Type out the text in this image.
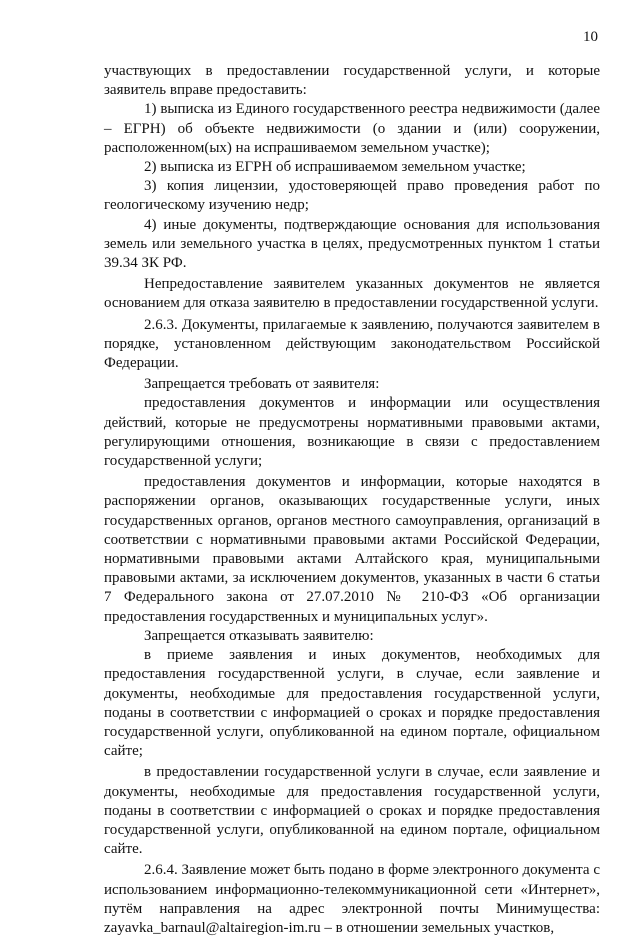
10

участвующих в предоставлении государственной услуги, и которые заявитель вправе предоставить:

1) выписка из Единого государственного реестра недвижимости (далее – ЕГРН) об объекте недвижимости (о здании и (или) сооружении, расположенном(ых) на испрашиваемом земельном участке);

2) выписка из ЕГРН об испрашиваемом земельном участке;

3) копия лицензии, удостоверяющей право проведения работ по геологическому изучению недр;

4) иные документы, подтверждающие основания для использования земель или земельного участка в целях, предусмотренных пунктом 1 статьи 39.34 ЗК РФ.

Непредоставление заявителем указанных документов не является основанием для отказа заявителю в предоставлении государственной услуги.

2.6.3. Документы, прилагаемые к заявлению, получаются заявителем в порядке, установленном действующим законодательством Российской Федерации.

Запрещается требовать от заявителя:

предоставления документов и информации или осуществления действий, которые не предусмотрены нормативными правовыми актами, регулирующими отношения, возникающие в связи с предоставлением государственной услуги;

предоставления документов и информации, которые находятся в распоряжении органов, оказывающих государственные услуги, иных государственных органов, органов местного самоуправления, организаций в соответствии с нормативными правовыми актами Российской Федерации, нормативными правовыми актами Алтайского края, муниципальными правовыми актами, за исключением документов, указанных в части 6 статьи 7 Федерального закона от 27.07.2010 № 210-ФЗ «Об организации предоставления государственных и муниципальных услуг».

Запрещается отказывать заявителю:

в приеме заявления и иных документов, необходимых для предоставления государственной услуги, в случае, если заявление и документы, необходимые для предоставления государственной услуги, поданы в соответствии с информацией о сроках и порядке предоставления государственной услуги, опубликованной на едином портале, официальном сайте;

в предоставлении государственной услуги в случае, если заявление и документы, необходимые для предоставления государственной услуги, поданы в соответствии с информацией о сроках и порядке предоставления государственной услуги, опубликованной на едином портале, официальном сайте.

2.6.4. Заявление может быть подано в форме электронного документа с использованием информационно-телекоммуникационной сети «Интернет», путём направления на адрес электронной почты Минимущества: zayavka_barnaul@altairegion-im.ru – в отношении земельных участков,
